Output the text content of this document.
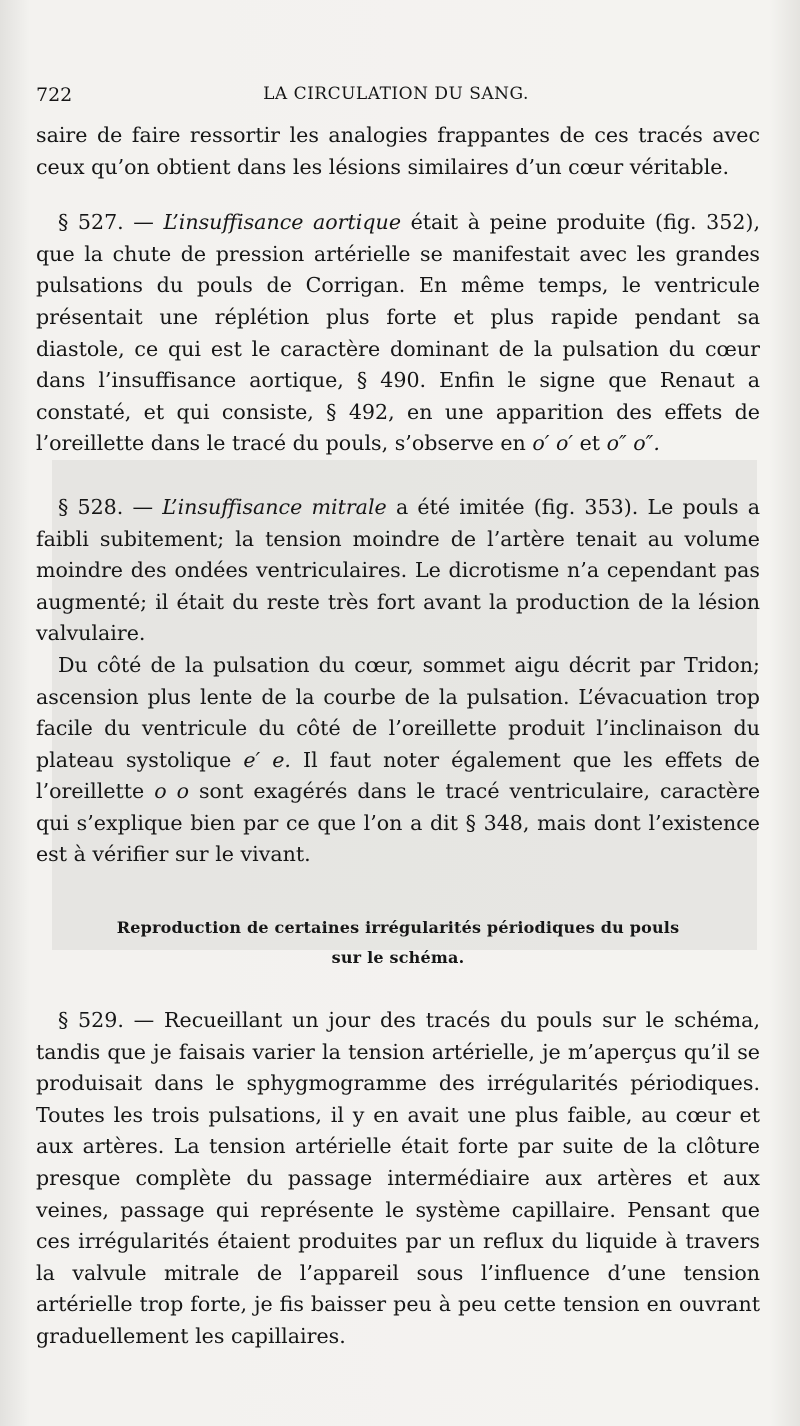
722	LA CIRCULATION DU SANG.

saire de faire ressortir les analogies frappantes de ces tracés avec

ceux qu’on obtient dans les lésions similaires d’un cœur véritable.

§ 527. — L’insuffisance aortique était à peine produite (fig. 352), que la chute de pression artérielle se manifestait avec les grandes pulsations du pouls de Corrigan. En même temps, le ventricule présentait une réplétion plus forte et plus rapide pendant sa diastole, ce qui est le caractère dominant de la pulsation du cœur dans l’insuffisance aortique, § 490. Enfin le signe que Renaut a constaté, et qui consiste, § 492, en une apparition des effets de l’oreillette dans le tracé du pouls, s’observe en o′ o′ et o″ o″.

§ 528. — L’insuffisance mitrale a été imitée (fig. 353). Le pouls a faibli subitement; la tension moindre de l’artère tenait au volume moindre des ondées ventriculaires. Le dicrotisme n’a cependant pas augmenté; il était du reste très fort avant la production de la lésion valvulaire.

Du côté de la pulsation du cœur, sommet aigu décrit par Tridon; ascension plus lente de la courbe de la pulsation. L’évacuation trop facile du ventricule du côté de l’oreillette produit l’inclinaison du plateau systolique e′ e. Il faut noter également que les effets de l’oreillette o o sont exagérés dans le tracé ventriculaire, caractère qui s’explique bien par ce que l’on a dit § 348, mais dont l’existence est à vérifier sur le vivant.

Reproduction de certaines irrégularités périodiques du pouls
sur le schéma.

§ 529. — Recueillant un jour des tracés du pouls sur le schéma, tandis que je faisais varier la tension artérielle, je m’aperçus qu’il se produisait dans le sphygmogramme des irrégularités périodiques. Toutes les trois pulsations, il y en avait une plus faible, au cœur et aux artères. La tension artérielle était forte par suite de la clôture presque complète du passage intermédiaire aux artères et aux veines, passage qui représente le système capillaire. Pensant que ces irrégularités étaient produites par un reflux du liquide à travers la valvule mitrale de l’appareil sous l’influence d’une tension artérielle trop forte, je fis baisser peu à peu cette tension en ouvrant graduellement les capillaires.
